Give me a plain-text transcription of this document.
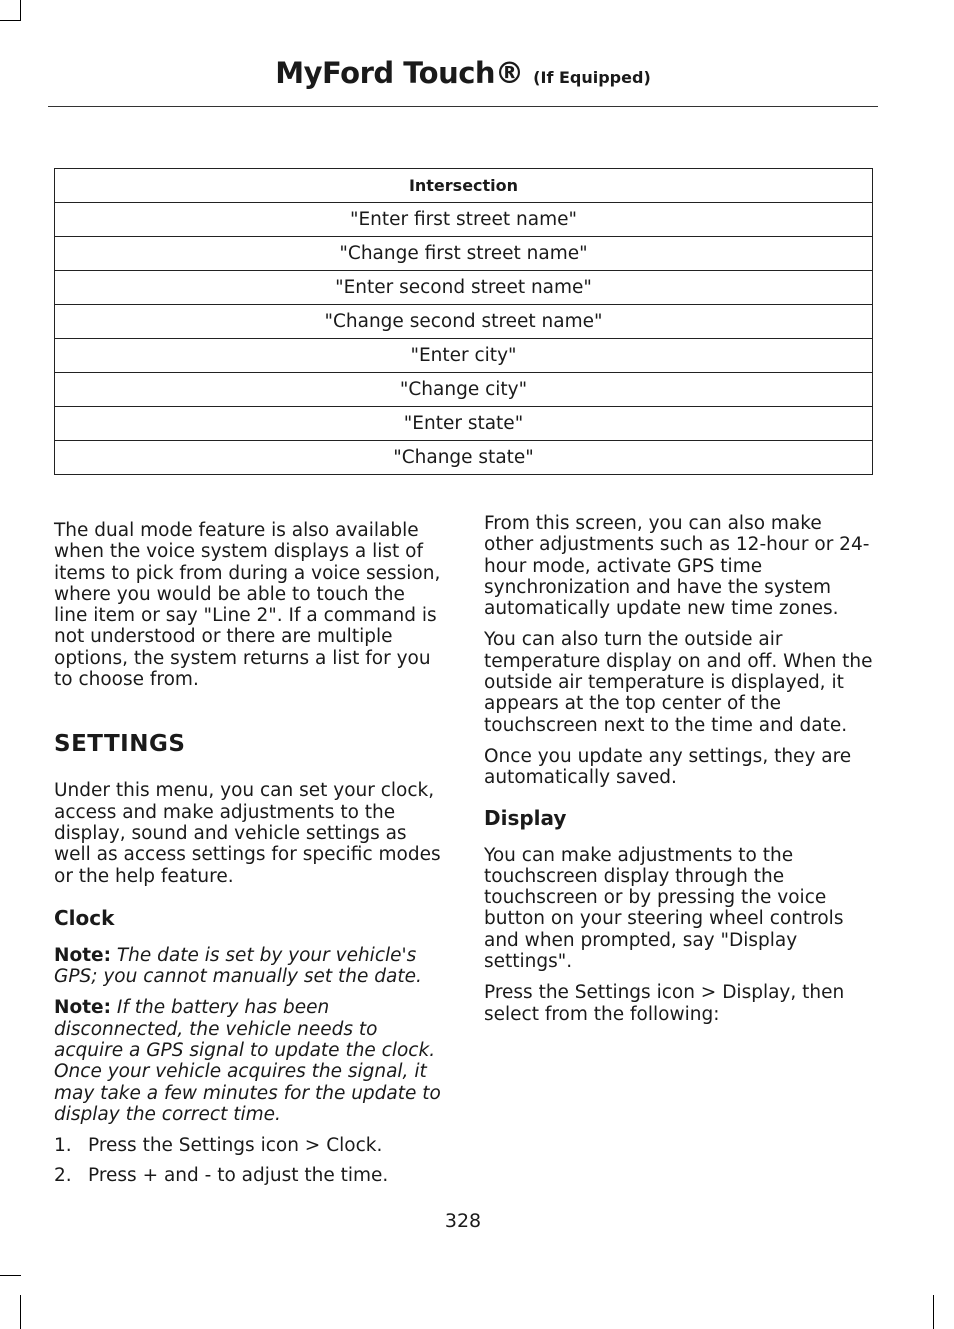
MyFord Touch® (If Equipped)
Intersection
"Enter first street name"
"Change first street name"
"Enter second street name"
"Change second street name"
"Enter city"
"Change city"
"Enter state"
"Change state"

The dual mode feature is also available when the voice system displays a list of items to pick from during a voice session, where you would be able to touch the line item or say "Line 2". If a command is not understood or there are multiple options, the system returns a list for you to choose from.

SETTINGS

Under this menu, you can set your clock, access and make adjustments to the display, sound and vehicle settings as well as access settings for specific modes or the help feature.

Clock

Note: The date is set by your vehicle's GPS; you cannot manually set the date.

Note: If the battery has been disconnected, the vehicle needs to acquire a GPS signal to update the clock. Once your vehicle acquires the signal, it may take a few minutes for the update to display the correct time.

1. Press the Settings icon > Clock.
2. Press + and - to adjust the time.

From this screen, you can also make other adjustments such as 12-hour or 24-hour mode, activate GPS time synchronization and have the system automatically update new time zones.

You can also turn the outside air temperature display on and off. When the outside air temperature is displayed, it appears at the top center of the touchscreen next to the time and date.

Once you update any settings, they are automatically saved.

Display

You can make adjustments to the touchscreen display through the touchscreen or by pressing the voice button on your steering wheel controls and when prompted, say "Display settings".

Press the Settings icon > Display, then select from the following:

328
